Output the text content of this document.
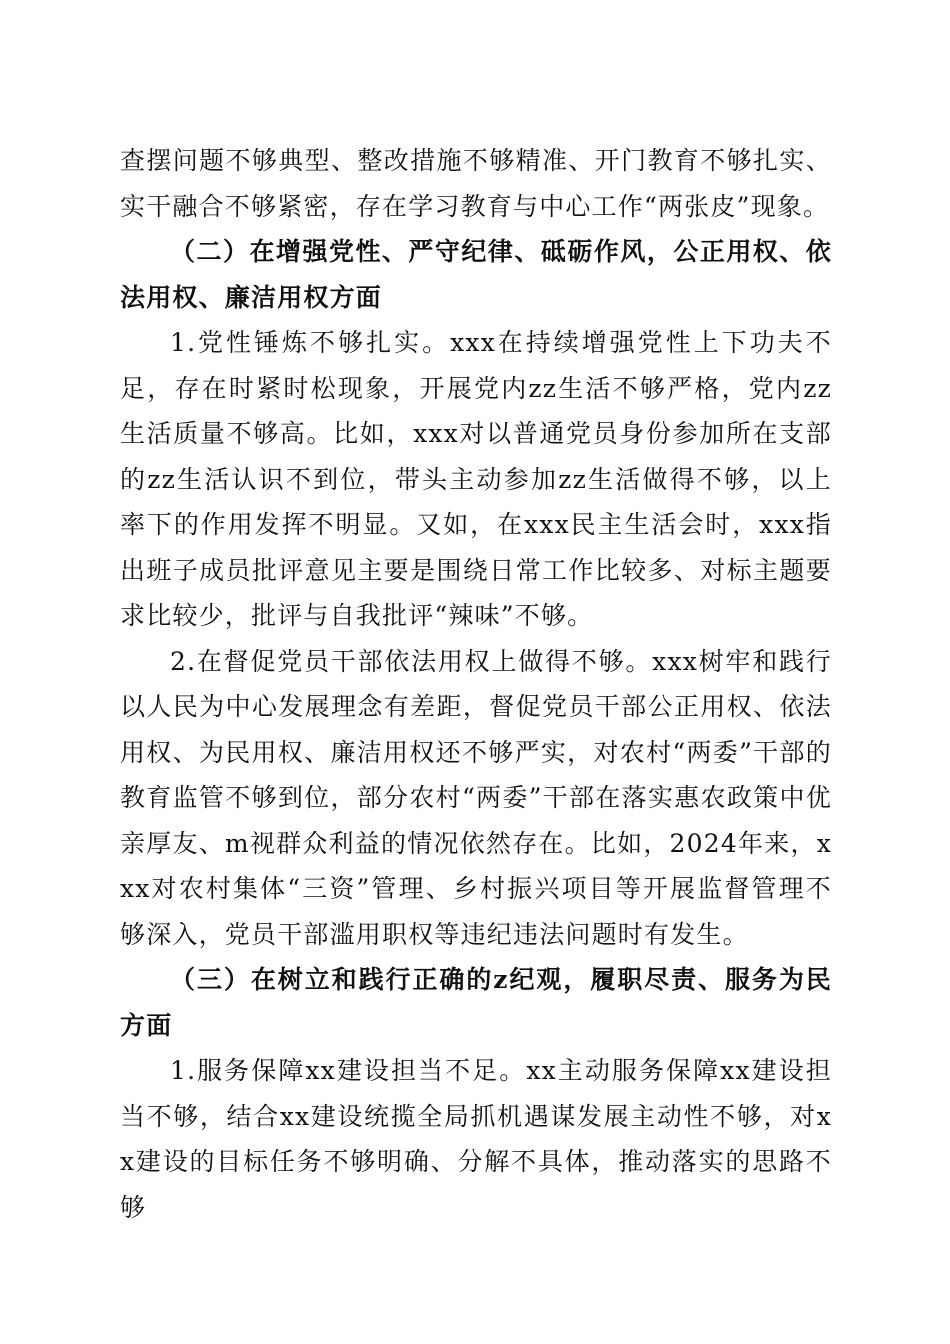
查摆问题不够典型、整改措施不够精准、开门教育不够扎实、实干融合不够紧密，存在学习教育与中心工作“两张皮”现象。

（二）在增强党性、严守纪律、砥砺作风，公正用权、依法用权、廉洁用权方面

1.党性锤炼不够扎实。xxx在持续增强党性上下功夫不足，存在时紧时松现象，开展党内zz生活不够严格，党内zz生活质量不够高。比如，xxx对以普通党员身份参加所在支部的zz生活认识不到位，带头主动参加zz生活做得不够，以上率下的作用发挥不明显。又如，在xxx民主生活会时，xxx指出班子成员批评意见主要是围绕日常工作比较多、对标主题要求比较少，批评与自我批评“辣味”不够。

2.在督促党员干部依法用权上做得不够。xxx树牢和践行以人民为中心发展理念有差距，督促党员干部公正用权、依法用权、为民用权、廉洁用权还不够严实，对农村“两委”干部的教育监管不够到位，部分农村“两委”干部在落实惠农政策中优亲厚友、m视群众利益的情况依然存在。比如，2024年来，xxx对农村集体“三资”管理、乡村振兴项目等开展监督管理不够深入，党员干部滥用职权等违纪违法问题时有发生。

（三）在树立和践行正确的z纪观，履职尽责、服务为民方面

1.服务保障xx建设担当不足。xx主动服务保障xx建设担当不够，结合xx建设统揽全局抓机遇谋发展主动性不够，对xx建设的目标任务不够明确、分解不具体，推动落实的思路不够
